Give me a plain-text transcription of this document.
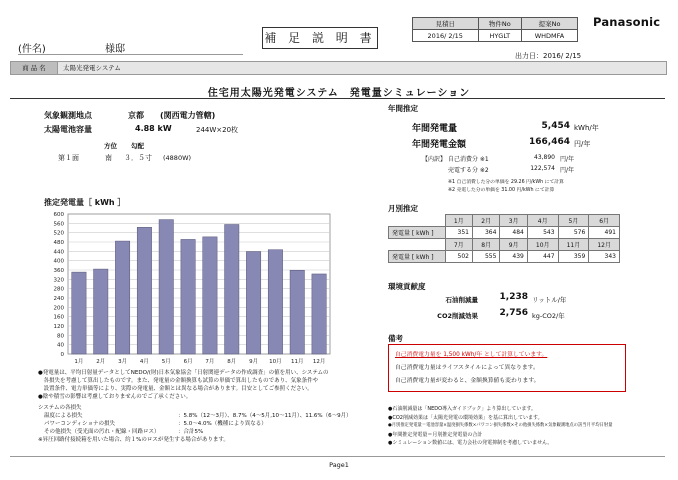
(件名)	様邸
補 足 説 明 書
見積日	物件No	提案No
2016/ 2/15	HYGLT	WHDMFA
出力日：2016/ 2/15
Panasonic
商 品 名	太陽光発電システム
住宅用太陽光発電システム　発電量シミュレーション
気象観測地点	京都 (関西電力管轄)
太陽電池容量	4.88 kW	244W×20枚
方位 勾配
第１面	南 ３．５寸 (4880W)
推定発電量［ kWh ］
0
40
80
120
160
200
240
280
320
360
400
440
480
520
560
600
1月 2月 3月 4月 5月 6月 7月 8月 9月 10月 11月 12月
●発電量は、平均日射量データとしてNEDO/(財)日本気象協会「日射関連データの作成調査」の値を用い、システムの
　各損失を考慮して算出したものです。また、発電量の金額換算も試算の単価で算出したものであり、気象条件や
　設置条件、電力単価等により、実際の発電量、金額とは異なる場合があります。目安としてご参照ください。
●陰や積雪の影響は考慮しておりませんのでご了承ください。
システムの各損失
温度による損失	：5.8%（12～3月）、8.7%（4～5月,10～11月）、11.6%（6～9月）
パワーコンディショナの損失	：5.0～4.0%（機種により異なる）
その他損失（受光面の汚れ・配線・回路ロス）	：合計5%
※昇圧回路付接続箱を用いた場合、約１%のロスが発生する場合があります。
年間推定
年間発電量	5,454 kWh/年
年間発電金額	166,464 円/年
【内訳】 自己消費分 ※1	43,890 円/年
売電する分 ※2	122,574 円/年
※1 自己消費した分の単価を 29.26 円/kWh にて計算
※2 売電した分の単価を 31.00 円/kWh にて計算
月別推定
	1月	2月	3月	4月	5月	6月
発電量 [ kWh ]	351	364	484	543	576	491
	7月	8月	9月	10月	11月	12月
発電量 [ kWh ]	502	555	439	447	359	343
環境貢献度
石油削減量	1,238 リットル/年
CO2削減効果	2,756 kg-CO2/年
備考
自己消費電力量を 1,500 kWh/年 として計算しています。
自己消費電力量はライフスタイルによって異なります。
自己消費電力量が変わると、金額換算値も変わります。
●石油削減量は「NEDO導入ガイドブック」より算出しています。
●CO2削減効果は「太陽光発電の環境効果」を基に算出しています。
●月別推定発電量＝電池容量×温度損失係数×パワコン損失係数×その他損失係数×気象観測地点の該当月平均日射量
●年間推定発電量＝月別推定発電量の合計
●シミュレーション数値には、電力会社の発電抑制を考慮していません。
Page1
